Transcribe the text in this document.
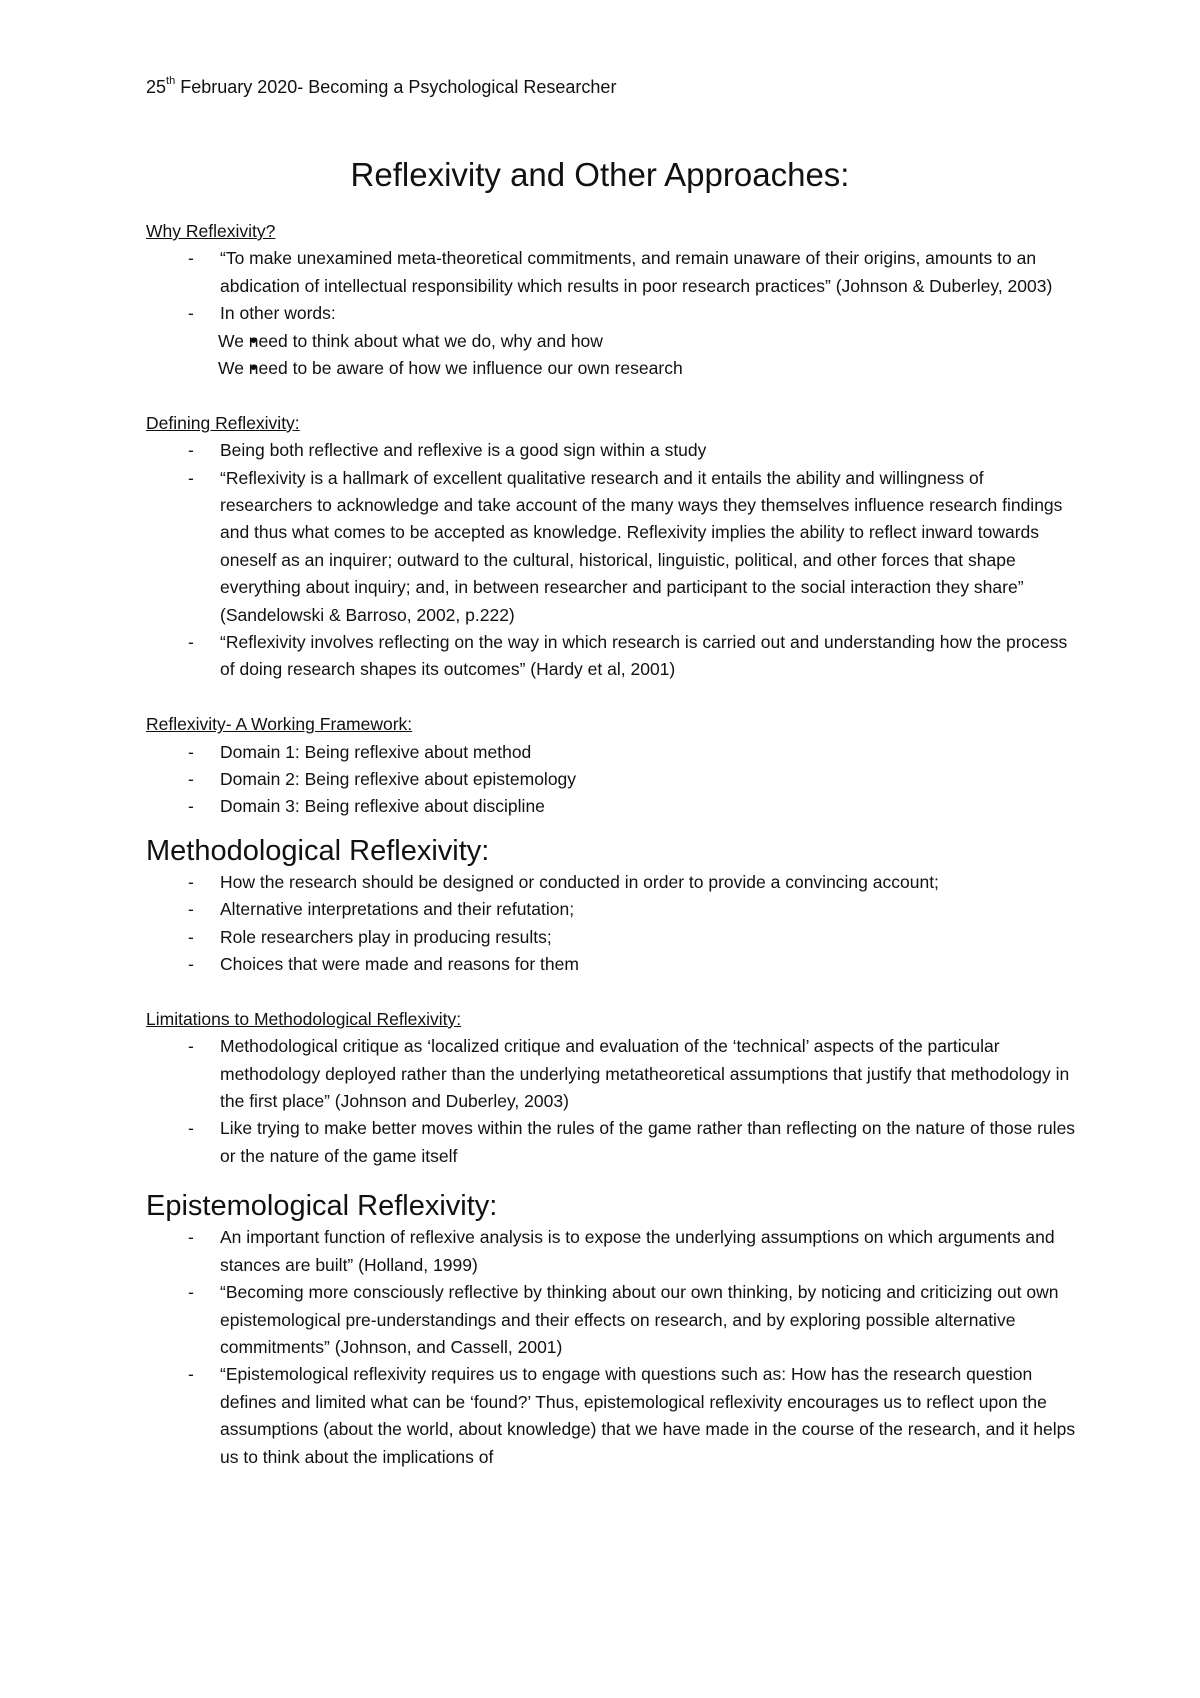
25th February 2020- Becoming a Psychological Researcher
Reflexivity and Other Approaches:
Why Reflexivity?
- “To make unexamined meta-theoretical commitments, and remain unaware of their origins, amounts to an abdication of intellectual responsibility which results in poor research practices” (Johnson & Duberley, 2003)
- In other words:
• We need to think about what we do, why and how
• We need to be aware of how we influence our own research
Defining Reflexivity:
- Being both reflective and reflexive is a good sign within a study
- “Reflexivity is a hallmark of excellent qualitative research and it entails the ability and willingness of researchers to acknowledge and take account of the many ways they themselves influence research findings and thus what comes to be accepted as knowledge. Reflexivity implies the ability to reflect inward towards oneself as an inquirer; outward to the cultural, historical, linguistic, political, and other forces that shape everything about inquiry; and, in between researcher and participant to the social interaction they share” (Sandelowski & Barroso, 2002, p.222)
- “Reflexivity involves reflecting on the way in which research is carried out and understanding how the process of doing research shapes its outcomes” (Hardy et al, 2001)
Reflexivity- A Working Framework:
- Domain 1: Being reflexive about method
- Domain 2: Being reflexive about epistemology
- Domain 3: Being reflexive about discipline
Methodological Reflexivity:
- How the research should be designed or conducted in order to provide a convincing account;
- Alternative interpretations and their refutation;
- Role researchers play in producing results;
- Choices that were made and reasons for them
Limitations to Methodological Reflexivity:
- Methodological critique as ‘localized critique and evaluation of the ‘technical’ aspects of the particular methodology deployed rather than the underlying metatheoretical assumptions that justify that methodology in the first place” (Johnson and Duberley, 2003)
- Like trying to make better moves within the rules of the game rather than reflecting on the nature of those rules or the nature of the game itself
Epistemological Reflexivity:
- An important function of reflexive analysis is to expose the underlying assumptions on which arguments and stances are built” (Holland, 1999)
- “Becoming more consciously reflective by thinking about our own thinking, by noticing and criticizing out own epistemological pre-understandings and their effects on research, and by exploring possible alternative commitments” (Johnson, and Cassell, 2001)
- “Epistemological reflexivity requires us to engage with questions such as: How has the research question defines and limited what can be ‘found?’ Thus, epistemological reflexivity encourages us to reflect upon the assumptions (about the world, about knowledge) that we have made in the course of the research, and it helps us to think about the implications of
